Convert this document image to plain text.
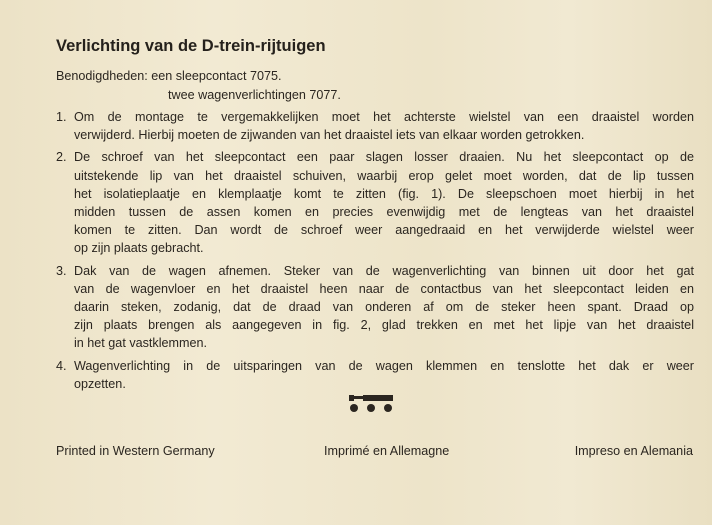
Verlichting van de D-trein-rijtuigen
Benodigdheden: een sleepcontact 7075.
twee wagenverlichtingen 7077.
1. Om de montage te vergemakkelijken moet het achterste wielstel van een draaistel worden
verwijderd. Hierbij moeten de zijwanden van het draaistel iets van elkaar worden getrokken.
2. De schroef van het sleepcontact een paar slagen losser draaien. Nu het sleepcontact op de
uitstekende lip van het draaistel schuiven, waarbij erop gelet moet worden, dat de lip tussen
het isolatieplaatje en klemplaatje komt te zitten (fig. 1). De sleepschoen moet hierbij in het
midden tussen de assen komen en precies evenwijdig met de lengteas van het draaistel
komen te zitten. Dan wordt de schroef weer aangedraaid en het verwijderde wielstel weer
op zijn plaats gebracht.
3. Dak van de wagen afnemen. Steker van de wagenverlichting van binnen uit door het gat
van de wagenvloer en het draaistel heen naar de contactbus van het sleepcontact leiden en
daarin steken, zodanig, dat de draad van onderen af om de steker heen spant. Draad op
zijn plaats brengen als aangegeven in fig. 2, glad trekken en met het lipje van het draaistel
in het gat vastklemmen.
4. Wagenverlichting in de uitsparingen van de wagen klemmen en tenslotte het dak er weer
opzetten.
Printed in Western Germany	Imprimé en Allemagne	Impreso en Alemania
